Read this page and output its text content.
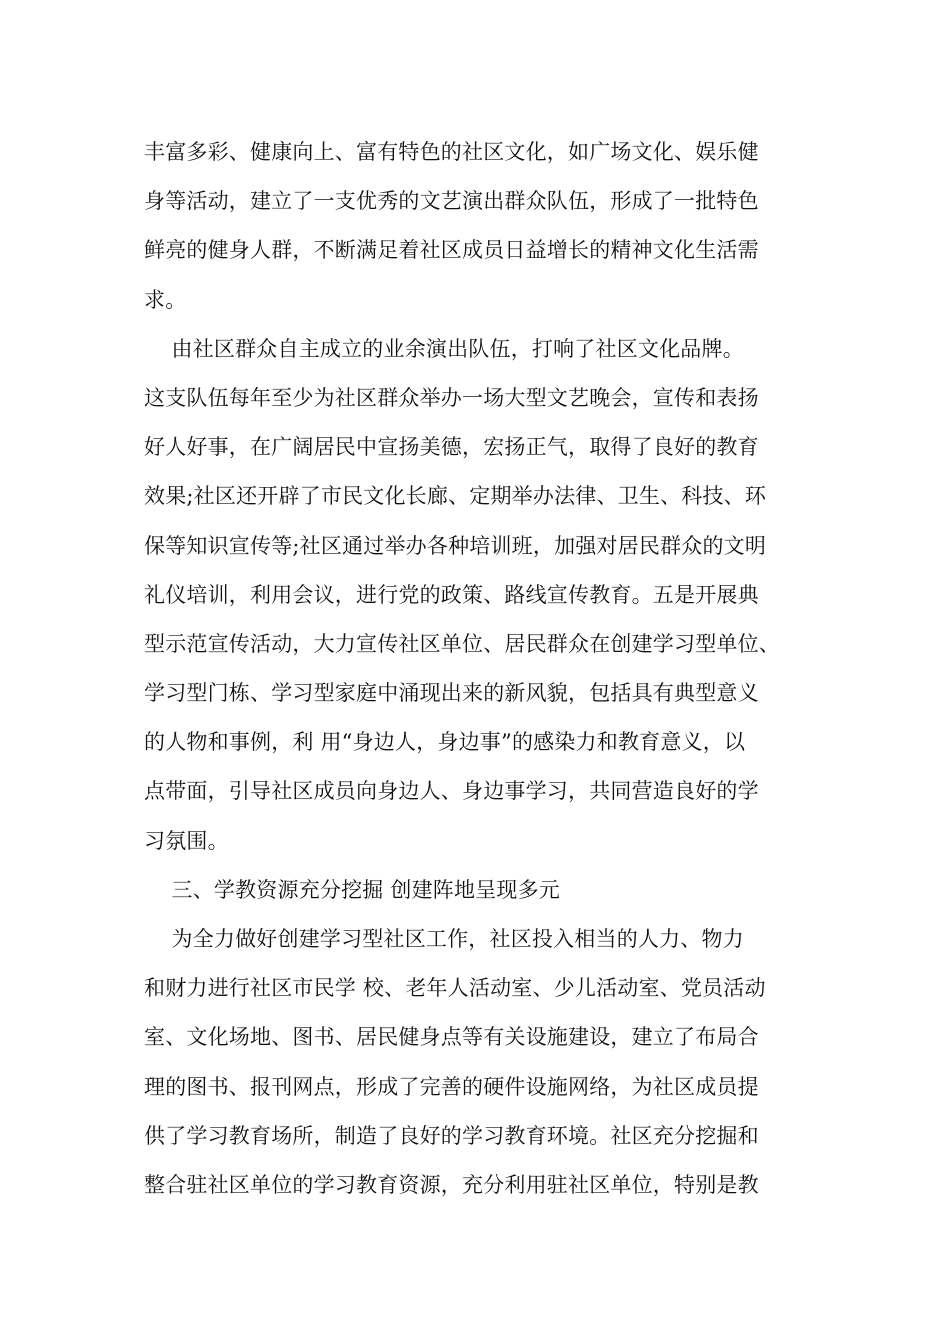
丰富多彩、健康向上、富有特色的社区文化，如广场文化、娱乐健
身等活动，建立了一支优秀的文艺演出群众队伍，形成了一批特色
鲜亮的健身人群，不断满足着社区成员日益增长的精神文化生活需
求。
由社区群众自主成立的业余演出队伍，打响了社区文化品牌。
这支队伍每年至少为社区群众举办一场大型文艺晚会，宣传和表扬
好人好事，在广阔居民中宣扬美德，宏扬正气，取得了良好的教育
效果;社区还开辟了市民文化长廊、定期举办法律、卫生、科技、环
保等知识宣传等;社区通过举办各种培训班，加强对居民群众的文明
礼仪培训，利用会议，进行党的政策、路线宣传教育。五是开展典
型示范宣传活动，大力宣传社区单位、居民群众在创建学习型单位、
学习型门栋、学习型家庭中涌现出来的新风貌，包括具有典型意义
的人物和事例，利 用“身边人，身边事”的感染力和教育意义，以
点带面，引导社区成员向身边人、身边事学习，共同营造良好的学
习氛围。
三、学教资源充分挖掘 创建阵地呈现多元
为全力做好创建学习型社区工作，社区投入相当的人力、物力
和财力进行社区市民学 校、老年人活动室、少儿活动室、党员活动
室、文化场地、图书、居民健身点等有关设施建设，建立了布局合
理的图书、报刊网点，形成了完善的硬件设施网络，为社区成员提
供了学习教育场所，制造了良好的学习教育环境。社区充分挖掘和
整合驻社区单位的学习教育资源，充分利用驻社区单位，特别是教
